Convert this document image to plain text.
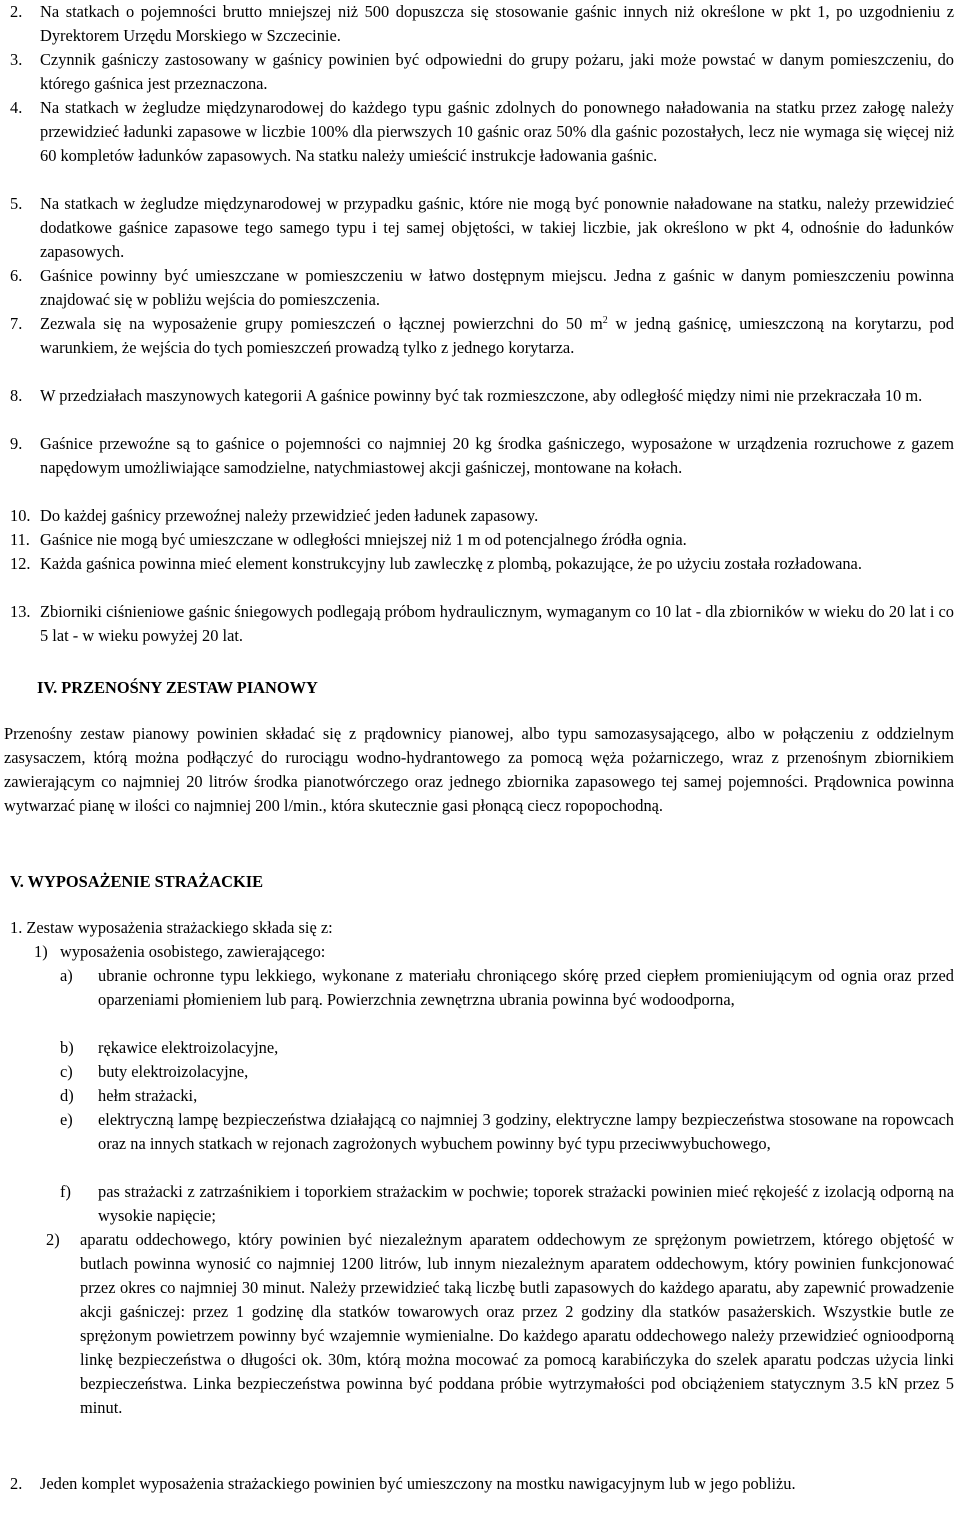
2.	Na statkach o pojemności brutto mniejszej niż 500 dopuszcza się stosowanie gaśnic innych niż określone w pkt 1, po uzgodnieniu z Dyrektorem Urzędu Morskiego w Szczecinie.
3.	Czynnik gaśniczy zastosowany w gaśnicy powinien być odpowiedni do grupy pożaru, jaki może powstać w danym pomieszczeniu, do którego gaśnica jest przeznaczona.
4.	Na statkach w żegludze międzynarodowej do każdego typu gaśnic zdolnych do ponownego naładowania na statku przez załogę należy przewidzieć ładunki zapasowe w liczbie 100% dla pierwszych 10 gaśnic oraz 50% dla gaśnic pozostałych, lecz nie wymaga się więcej niż 60 kompletów ładunków zapasowych. Na statku należy umieścić instrukcje ładowania gaśnic.
5.	Na statkach w żegludze międzynarodowej w przypadku gaśnic, które nie mogą być ponownie naładowane na statku, należy przewidzieć dodatkowe gaśnice zapasowe tego samego typu i tej samej objętości, w takiej liczbie, jak określono w pkt 4, odnośnie do ładunków zapasowych.
6.	Gaśnice powinny być umieszczane w pomieszczeniu w łatwo dostępnym miejscu. Jedna z gaśnic w danym pomieszczeniu powinna znajdować się w pobliżu wejścia do pomieszczenia.
7.	Zezwala się na wyposażenie grupy pomieszczeń o łącznej powierzchni do 50 $m^2$ w jedną gaśnicę, umieszczoną na korytarzu, pod warunkiem, że wejścia do tych pomieszczeń prowadzą tylko z jednego korytarza.
8.	W przedziałach maszynowych kategorii A gaśnice powinny być tak rozmieszczone, aby odległość między nimi nie przekraczała 10 m.
9.	Gaśnice przewoźne są to gaśnice o pojemności co najmniej 20 kg środka gaśniczego, wyposażone w urządzenia rozruchowe z gazem napędowym umożliwiające samodzielne, natychmiastowej akcji gaśniczej, montowane na kołach.
10. Do każdej gaśnicy przewoźnej należy przewidzieć jeden ładunek zapasowy.
11. Gaśnice nie mogą być umieszczane w odległości mniejszej niż 1 m od potencjalnego źródła ognia.
12. Każda gaśnica powinna mieć element konstrukcyjny lub zawleczkę z plombą, pokazujące, że po użyciu została rozładowana.
13. Zbiorniki ciśnieniowe gaśnic śniegowych podlegają próbom hydraulicznym, wymaganym co 10 lat - dla zbiorników w wieku do 20 lat i co 5 lat - w wieku powyżej 20 lat.
IV. PRZENOŚNY ZESTAW PIANOWY
Przenośny zestaw pianowy powinien składać się z prądownicy pianowej, albo typu samozasysającego, albo w połączeniu z oddzielnym zasysaczem, którą można podłączyć do rurociągu wodno-hydrantowego za pomocą węża pożarniczego, wraz z przenośnym zbiornikiem zawierającym co najmniej 20 litrów środka pianotwórczego oraz jednego zbiornika zapasowego tej samej pojemności. Prądownica powinna wytwarzać pianę w ilości co najmniej 200 l/min., która skutecznie gasi płonącą ciecz ropopochodną.
V. WYPOSAŻENIE STRAŻACKIE
1. Zestaw wyposażenia strażackiego składa się z:
1) wyposażenia osobistego, zawierającego:
a)	ubranie ochronne typu lekkiego, wykonane z materiału chroniącego skórę przed ciepłem promieniującym od ognia oraz przed oparzeniami płomieniem lub parą. Powierzchnia zewnętrzna ubrania powinna być wodoodporna,
b)	rękawice elektroizolacyjne,
c)	buty elektroizolacyjne,
d)	hełm strażacki,
e)	elektryczną lampę bezpieczeństwa działającą co najmniej 3 godziny, elektryczne lampy bezpieczeństwa stosowane na ropowcach oraz na innych statkach w rejonach zagrożonych wybuchem powinny być typu przeciwwybuchowego,
f)	pas strażacki z zatrzaśnikiem i toporkiem strażackim w pochwie; toporek strażacki powinien mieć rękojeść z izolacją odporną na wysokie napięcie;
2)	aparatu oddechowego, który powinien być niezależnym aparatem oddechowym ze sprężonym powietrzem, którego objętość w butlach powinna wynosić co najmniej 1200 litrów, lub innym niezależnym aparatem oddechowym, który powinien funkcjonować przez okres co najmniej 30 minut. Należy przewidzieć taką liczbę butli zapasowych do każdego aparatu, aby zapewnić prowadzenie akcji gaśniczej: przez 1 godzinę dla statków towarowych oraz przez 2 godziny dla statków pasażerskich. Wszystkie butle ze sprężonym powietrzem powinny być wzajemnie wymienialne. Do każdego aparatu oddechowego należy przewidzieć ognioodporną linkę bezpieczeństwa o długości ok. 30m, którą można mocować za pomocą karabińczyka do szelek aparatu podczas użycia linki bezpieczeństwa. Linka bezpieczeństwa powinna być poddana próbie wytrzymałości pod obciążeniem statycznym 3.5 kN przez 5 minut.
2.	Jeden komplet wyposażenia strażackiego powinien być umieszczony na mostku nawigacyjnym lub w jego pobliżu.
